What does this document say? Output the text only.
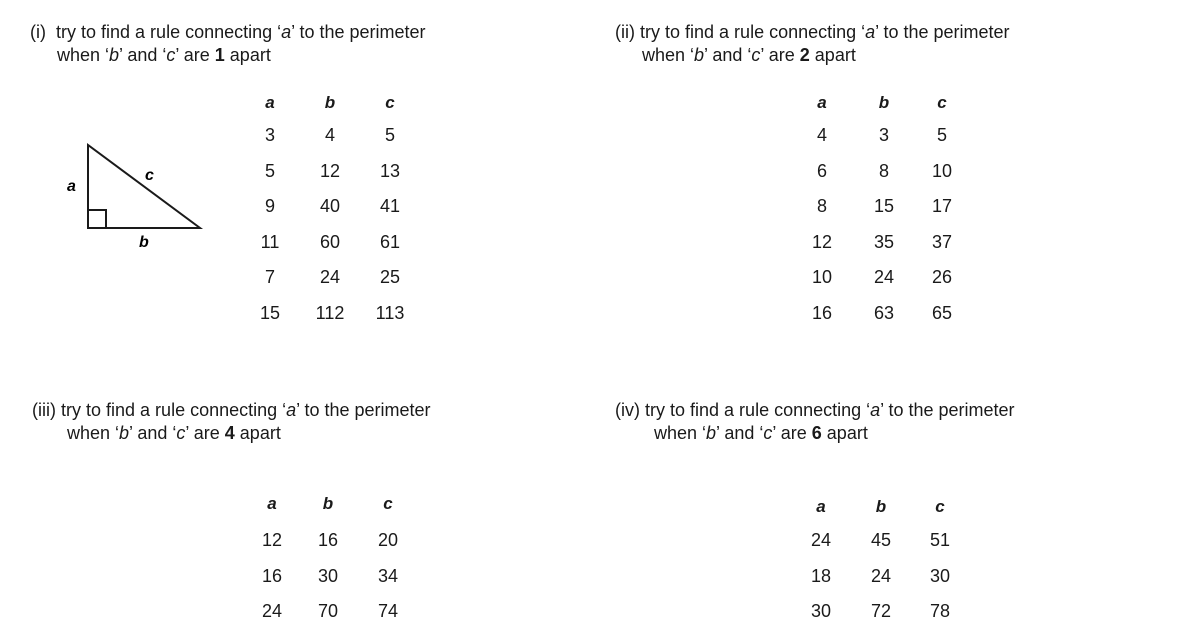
(i) try to find a rule connecting ‘a’ to the perimeter
when ‘b’ and ‘c’ are 1 apart
(ii) try to find a rule connecting ‘a’ to the perimeter
when ‘b’ and ‘c’ are 2 apart
(iii) try to find a rule connecting ‘a’ to the perimeter
when ‘b’ and ‘c’ are 4 apart
(iv) try to find a rule connecting ‘a’ to the perimeter
when ‘b’ and ‘c’ are 6 apart
a
c
b
a	b	c
3	4	5
5	12	13
9	40	41
11	60	61
7	24	25
15	112	113
a	b	c
4	3	5
6	8	10
8	15	17
12	35	37
10	24	26
16	63	65
a	b	c
12	16	20
16	30	34
24	70	74
a	b	c
24	45	51
18	24	30
30	72	78
